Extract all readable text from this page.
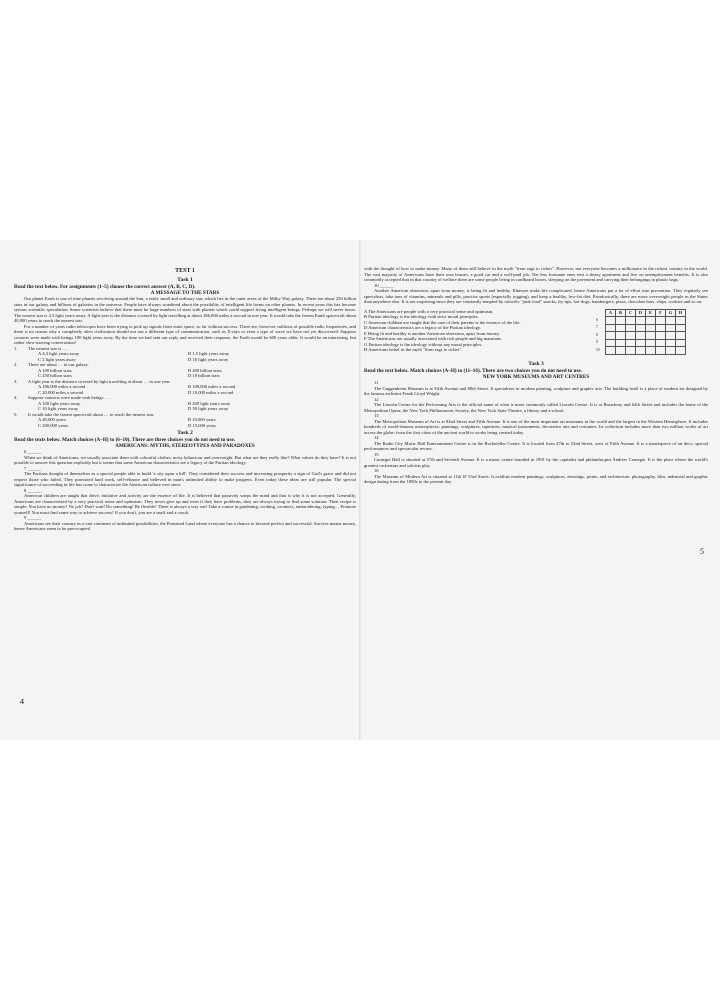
TEST 1
Task 1
Read the text below. For assignments (1–5) choose the correct answer (A, B, C, D).
A MESSAGE TO THE STARS

Our planet Earth is one of nine planets revolving around the Sun, a fairly small and ordinary star, which lies in the outer areas of the Milky Way galaxy. There are about 250 billion stars in our galaxy and billions of galaxies in the universe. People have always wondered about the possibility of intelligent life forms on other planets. In recent years this has become serious scientific speculation. Some scientists believe that there must be large numbers of stars with planets which could support living intelligent beings. Perhaps we will never know. The nearest star is 4,3 light years away. A light year is the distance covered by light travelling at about 186,000 miles a second in one year. It would take the fastest Earth spacecraft about 40,000 years to reach the nearest star.

For a number of years radio telescopes have been trying to pick up signals from outer space, so far without success. There are, however, millions of possible radio frequencies, and there is no reason why a completely alien civilization should not use a different type of communication, such as X-rays or even a type of wave we have not yet discovered. Suppose contacts were made with beings 100 light years away. By the time we had sent our reply and received their response, the Earth would be 600 years older. It would be an interesting, but rather slow-moving conversation!

1.	The nearest star is …
A 4,3 light years away	B 1,5 light years away
C 2 light years away	D 10 light years away
2.	There are about … in our galaxy.
A 100 billion stars	B 200 billion stars
C 250 billion stars	D 10 billion stars
3.	A light year is the distance covered by light travelling at about … in one year.
A 186,000 miles a second	B 100,000 miles a second
C 20,000 miles a second	D 10,000 miles a second
4.	Suppose contacts were made with beings … .
A 100 light years away	B 200 light years away
C 10 light years away	D 50 light years away
5.	It would take the fastest spacecraft about … to reach the nearest star.
A 40,000 years	B 10,000 years
C 200,000 years	D 15,000 years
Task 2
Read the texts below. Match choices (A–H) to (6–10). There are three choices you do not need to use.
AMERICANS: MYTHS, STEREOTYPES AND PARADOXES
6 ______

When we think of Americans, we usually associate them with colourful clothes, noisy behaviour and overweight. But what are they really like? What values do they have? It is not possible to answer this question explicitly but it seems that some American characteristics are a legacy of the Puritan ideology.

7 ______

The Puritans thought of themselves as a special people able to build 'a city upon a hill'. They considered their success and increasing prosperity a sign of God's grace and did not respect those who failed. They promoted hard work, self-reliance and believed in man's unlimited ability to make progress. Even today these ideas are still popular. The special significance of succeeding in life has come to characterize the American culture ever since.

8 ______

American children are taught that drive, initiative and activity are the essence of life. It is believed that passivity warps the mind and that is why it is not accepted. Generally, Americans are characterized by a very practical sense and optimism. They never give up and even if they have problems, they are always trying to find some solution. Their recipe is simple: You have no money? No job? Don't wait! Do something! Be flexible! There is always a way out! Take a course in gardening, cooking, ceramics, embroidering, typing… Promote yourself! You must find some way to achieve success! If you don't, you are a snaff and a crook.

9 ______

Americans see their country as a vast continent of unlimited possibilities, the Promised Land where everyone has a chance to become perfect and successful. Success means money, hence Americans seem to be preoccupied

4

with the thought of how to make money. Many of them still believe in the myth "from rags to riches". However, not everyone becomes a millionaire in the richest country in the world. The vast majority of Americans have their own houses, a good car and a well-paid job. The less fortunate ones rent a sleazy apartment and live on unemployment benefits. It is also commonly accepted that in that country of welfare there are some people living in cardboard boxes, sleeping on the pavement and carrying their belongings in plastic bags.

10 ______

Another American obsession, apart from money, is being fit and healthy. Illnesses make life complicated, hence Americans put a lot of effort into prevention. They regularly see specialists, take tons of vitamins, minerals and pills, practise sports (especially jogging), and keep a healthy, low-fat diet. Paradoxically, there are more overweight people in the States than anywhere else. It is not surprising since they are constantly tempted by calorific "junk food" snacks, fry-ups, hot-dogs, hamburgers, pizza, chocolate bars, chips, cookies and so on.

A The Americans are people with a very practical sense and optimism.
B Puritan ideology is the ideology with strict moral principles.
C American children are taught that the care of their parents is the essence of the life.
D American characteristics are a legacy of the Puritan ideology.
E Being fit and healthy is another American obsession, apart from money.
F The Americans are usually associated with rich people and big mansions.
G Puritan ideology is the ideology without any moral principles.
H Americans belief in the myth "from rags to riches".
	A	B	C	D	E	F	G	H
6								
7								
8								
9								
10								
Task 3
Read the text below. Match choices (A–H) to (11–16). There are two choices you do not need to use.
NEW YORK MUSEUMS AND ART CENTRES
11

The Guggenheim Museum is at Fifth Avenue and 89th Street. It specializes in modern painting, sculpture and graphic arts. The building itself is a place of modern art designed by the famous architect Frank Lloyd Wright.

12

The Lincoln Centre for the Performing Arts is the official name of what is more commonly called Lincoln Centre. It is at Broadway and 64th Street and includes the home of the Metropolitan Opera, the New York Philharmonic Society, the New York State Theatre, a library and a school.

13

The Metropolitan Museum of Art is at 82nd Street and Fifth Avenue. It is one of the most important art museums in the world and the largest in the Western Hemisphere. It includes hundreds of world-famous masterpieces: paintings, sculptures, tapestries, musical instruments, decorative arts and costumes. Its collection includes more than two million works of art across the globe: from the first cities of the ancient world to works being created today.

14

The Radio City Music Hall Entertainment Centre is in the Rockefeller Centre. It is located from 47th to 52nd Street, west of Fifth Avenue. It is a masterpiece of art deco, special performances and spectacular revues.

15

Carnegie Hall is situated at 57th and Seventh Avenue. It is a music centre founded in 1891 by the capitalist and philanthropist Andrew Carnegie. It is the place where the world's greatest orchestras and soloists play.

16

The Museum of Modern Art is situated at 11th W 53rd Street. It exhibits modern paintings, sculptures, drawings, prints, and architecture, photography, film, industrial and graphic design dating from the 1880s to the present day.

5
